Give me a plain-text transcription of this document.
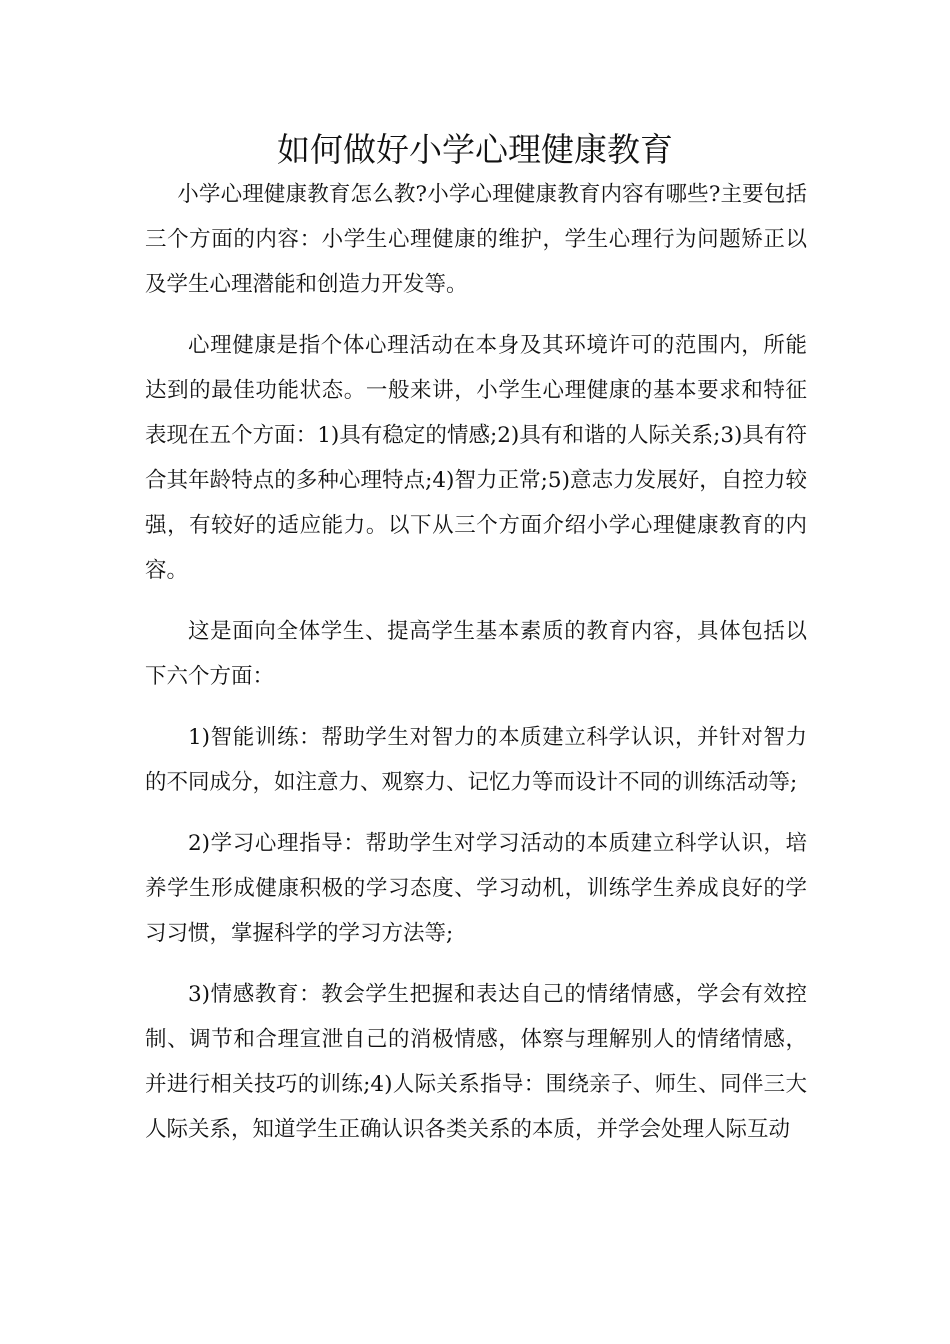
如何做好小学心理健康教育

小学心理健康教育怎么教?小学心理健康教育内容有哪些?主要包括三个方面的内容：小学生心理健康的维护，学生心理行为问题矫正以及学生心理潜能和创造力开发等。

心理健康是指个体心理活动在本身及其环境许可的范围内，所能达到的最佳功能状态。一般来讲，小学生心理健康的基本要求和特征表现在五个方面：1)具有稳定的情感;2)具有和谐的人际关系;3)具有符合其年龄特点的多种心理特点;4)智力正常;5)意志力发展好，自控力较强，有较好的适应能力。以下从三个方面介绍小学心理健康教育的内容。

这是面向全体学生、提高学生基本素质的教育内容，具体包括以下六个方面：

1)智能训练：帮助学生对智力的本质建立科学认识，并针对智力的不同成分，如注意力、观察力、记忆力等而设计不同的训练活动等;

2)学习心理指导：帮助学生对学习活动的本质建立科学认识，培养学生形成健康积极的学习态度、学习动机，训练学生养成良好的学习习惯，掌握科学的学习方法等;

3)情感教育：教会学生把握和表达自己的情绪情感，学会有效控制、调节和合理宣泄自己的消极情感，体察与理解别人的情绪情感，并进行相关技巧的训练;4)人际关系指导：围绕亲子、师生、同伴三大人际关系，知道学生正确认识各类关系的本质，并学会处理人际互动
